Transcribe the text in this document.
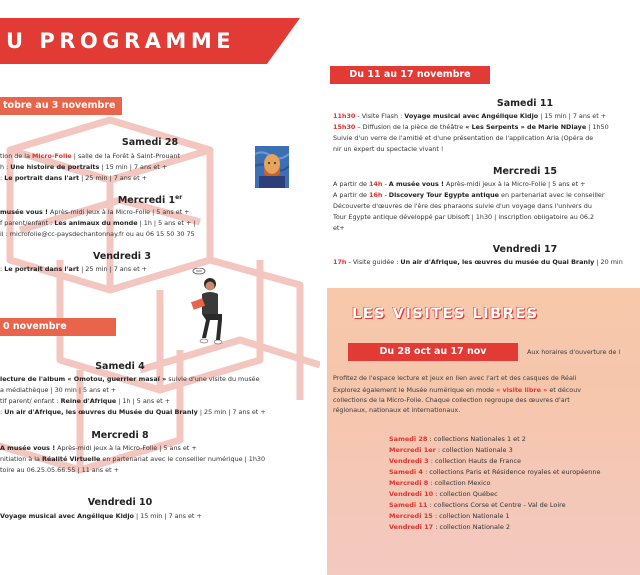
U PROGRAMME
tobre au 3 novembre
0 novembre
Samedi 28
tion de la Micro-Folie | salle de la Forêt à Saint-Prouant
h : Une histoire de portraits | 15 min | 7 ans et +
: Le portrait dans l'art | 25 min | 7 ans et +
Mercredi 1er
musée vous ! Après-midi jeux à la Micro-Folie | 5 ans et +
f parent/enfant : Les animaux du monde | 1h | 5 ans et + |
il : microfolie@cc-paysdechantonnay.fr ou au 06 15 50 30 75
Vendredi 3
: Le portrait dans l'art | 25 min | 7 ans et +
Samedi 4
lecture de l'album « Omotou, guerrier masaï » suivie d'une visite du musée
a médiathèque | 30 min | 5 ans et +
tif parent/ enfant : Reine d'Afrique | 1h | 5 ans et +
: Un air d'Afrique, les œuvres du Musée du Quai Branly | 25 min | 7 ans et +
Mercredi 8
A musée vous ! Après-midi jeux à la Micro-Folie | 5 ans et +
nitiation à la Réalité Virtuelle en partenariat avec le conseiller numérique | 1h30
toire au 06.25.05.66.55 | 11 ans et +
Vendredi 10
Voyage musical avec Angélique Kidjo | 15 min | 7 ans et +
Du 11 au 17 novembre
Samedi 11
11h30 - Visite Flash : Voyage musical avec Angélique Kidjo | 15 min | 7 ans et +
15h30 – Diffusion de la pièce de théâtre « Les Serpents » de Marie NDiaye | 1h50
Suivie d'un verre de l'amitié et d'une présentation de l'application Aria (Opéra de
nir un expert du spectacle vivant !
Mercredi 15
A partir de 14h - A musée vous ! Après-midi jeux à la Micro-Folie | 5 ans et +
A partir de 16h - Discovery Tour Egypte antique en partenariat avec le conseiller
Découverte d'œuvres de l'ère des pharaons suivie d'un voyage dans l'univers du
Tour Egypte antique développé par Ubisoft | 1h30 | inscription obligatoire au 06.2
et+
Vendredi 17
17h - Visite guidée : Un air d'Afrique, les œuvres du musée du Quai Branly | 20 min
LES VISITES LIBRES
Du 28 oct au 17 nov	Aux horaires d'ouverture de l
Profitez de l'espace lecture et jeux en lien avec l'art et des casques de Réali
Explorez également le Musée numérique en mode « visite libre » et découv
collections de la Micro-Folie. Chaque collection regroupe des œuvres d'art
régionaux, nationaux et internationaux.
Samedi 28 : collections Nationales 1 et 2
Mercredi 1er : collection Nationale 3
Vendredi 3 : collection Hauts de France
Samedi 4 : collections Paris et Résidence royales et européenne
Mercredi 8 : collection Mexico
Vendredi 10 : collection Québec
Samedi 11 : collections Corse et Centre - Val de Loire
Mercredi 15 : collection Nationale 1
Vendredi 17 : collection Nationale 2
